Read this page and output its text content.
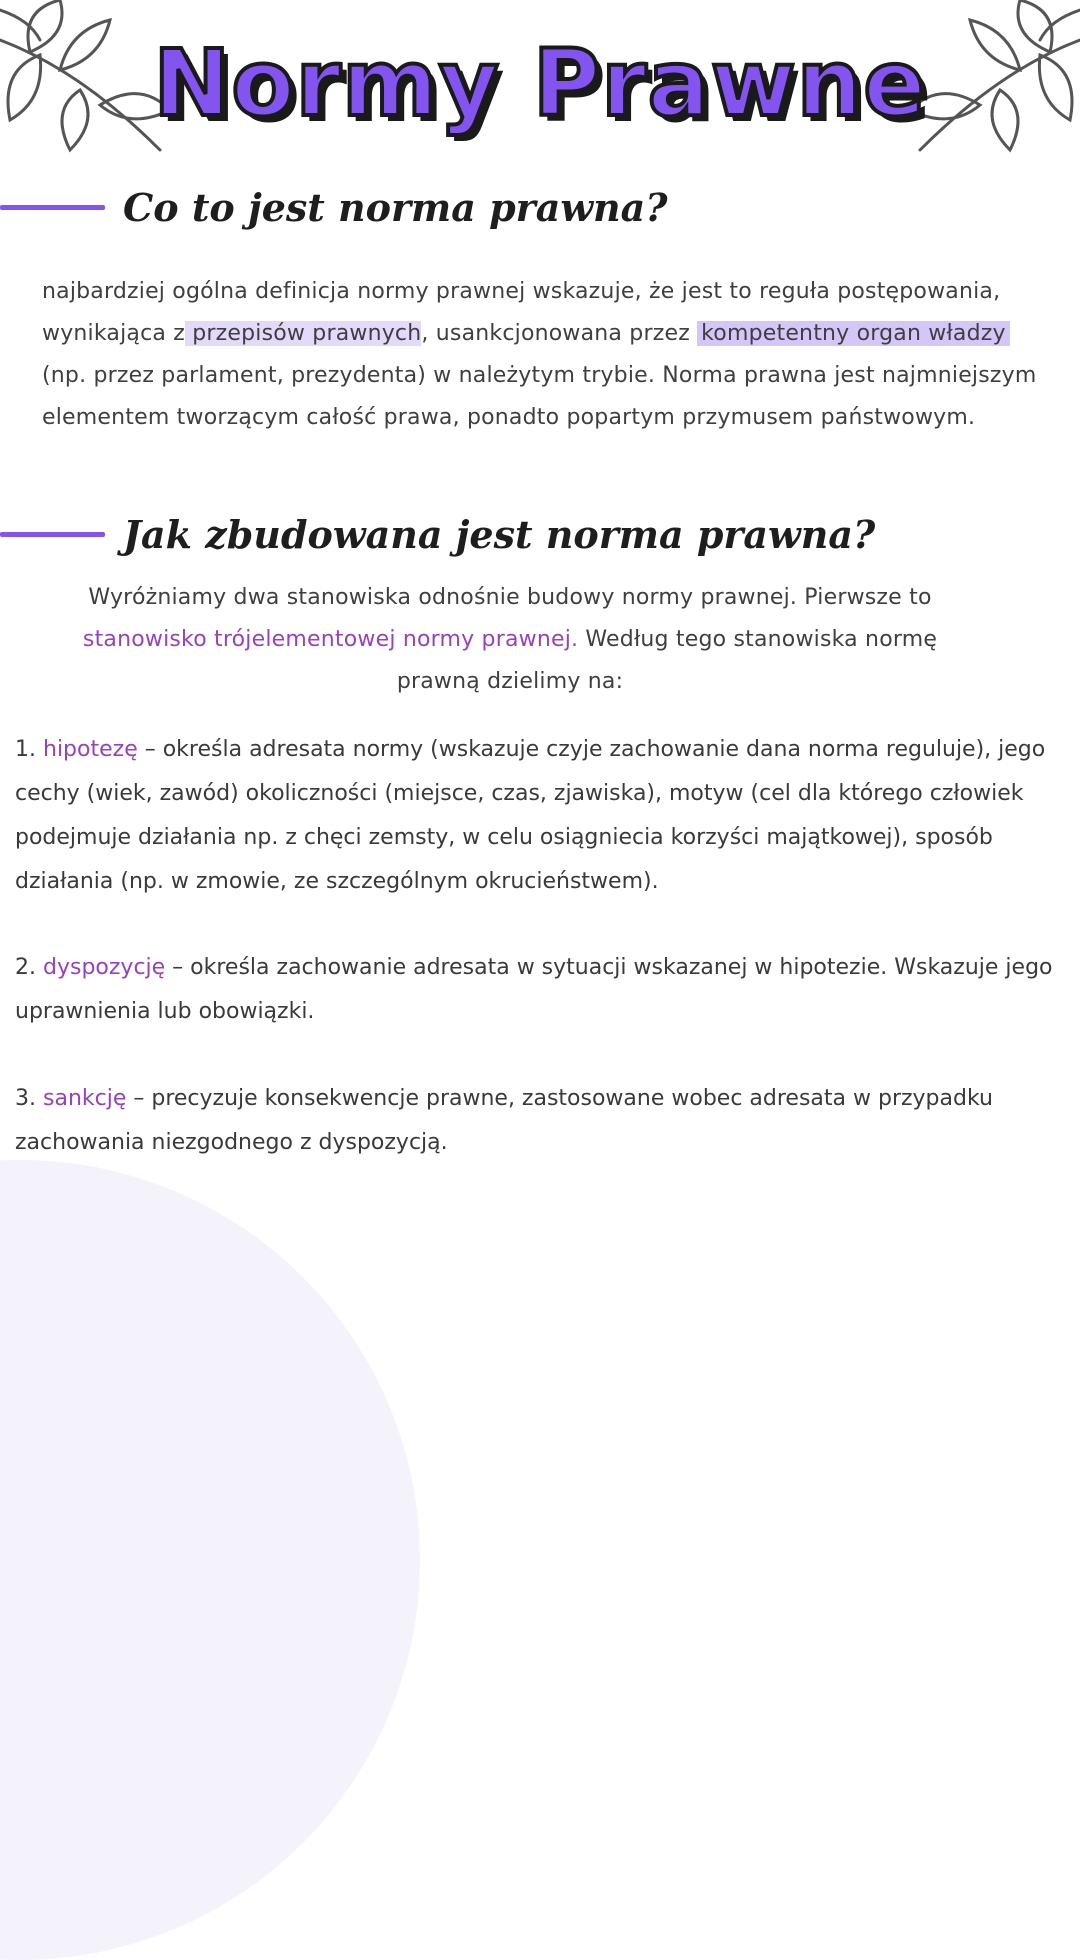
Normy Prawne
Co to jest norma prawna?
najbardziej ogólna definicja normy prawnej wskazuje, że jest to reguła postępowania, wynikająca z przepisów prawnych, usankcjonowana przez kompetentny organ władzy (np. przez parlament, prezydenta) w należytym trybie. Norma prawna jest najmniejszym elementem tworzącym całość prawa, ponadto popartym przymusem państwowym.
Jak zbudowana jest norma prawna?
Wyróżniamy dwa stanowiska odnośnie budowy normy prawnej. Pierwsze to stanowisko trójelementowej normy prawnej. Według tego stanowiska normę
prawną dzielimy na:
1. hipotezę – określa adresata normy (wskazuje czyje zachowanie dana norma reguluje), jego cechy (wiek, zawód) okoliczności (miejsce, czas, zjawiska), motyw (cel dla którego człowiek podejmuje działania np. z chęci zemsty, w celu osiągniecia korzyści majątkowej), sposób działania (np. w zmowie, ze szczególnym okrucieństwem).
2. dyspozycję – określa zachowanie adresata w sytuacji wskazanej w hipotezie. Wskazuje jego uprawnienia lub obowiązki.
3. sankcję – precyzuje konsekwencje prawne, zastosowane wobec adresata w przypadku zachowania niezgodnego z dyspozycją.
